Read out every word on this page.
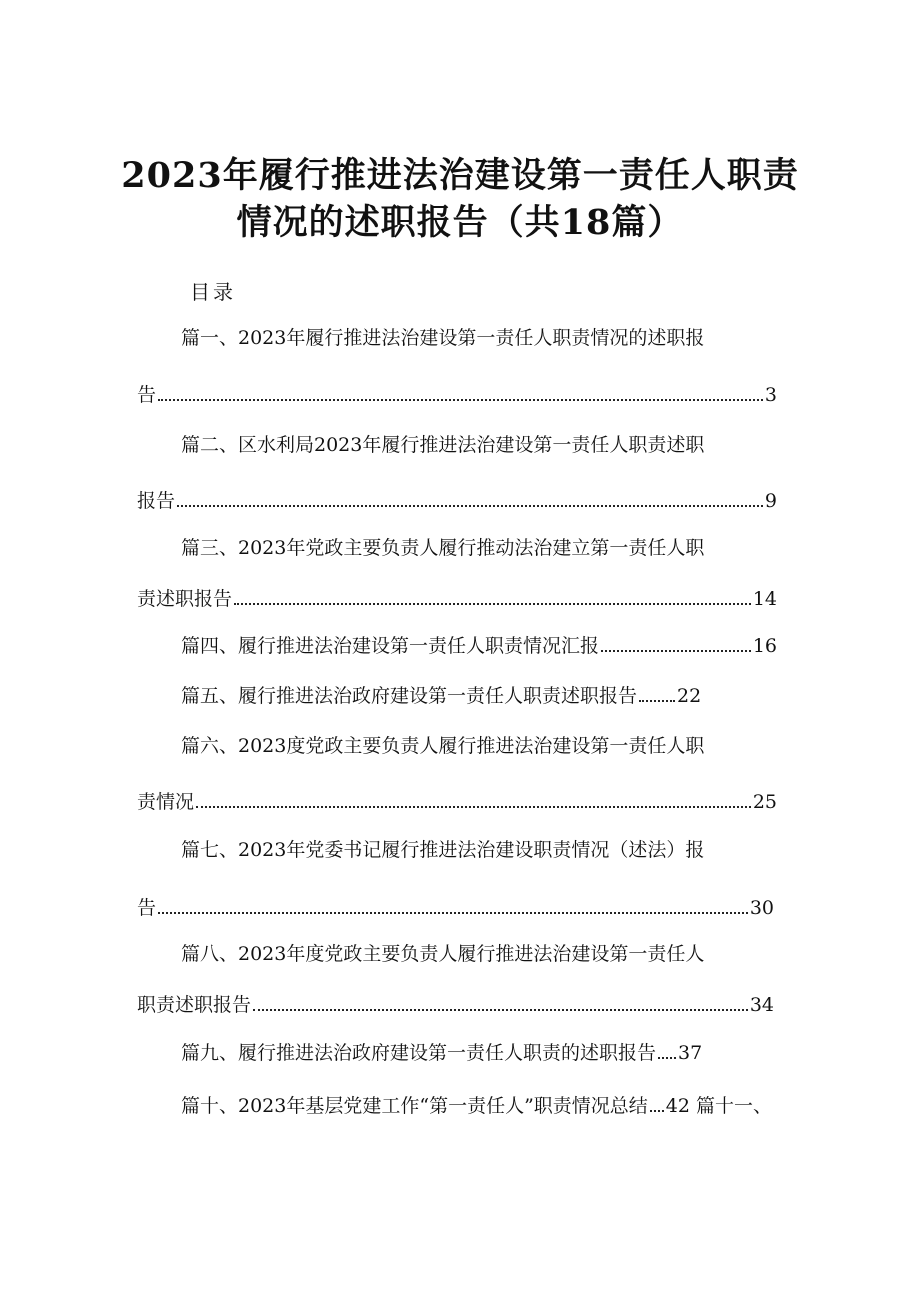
2023年履行推进法治建设第一责任人职责
情况的述职报告（共18篇）
目录
篇一、2023年履行推进法治建设第一责任人职责情况的述职报
告	3
篇二、区水利局2023年履行推进法治建设第一责任人职责述职
报告	9
篇三、2023年党政主要负责人履行推动法治建立第一责任人职
责述职报告	14
篇四、履行推进法治建设第一责任人职责情况汇报	16
篇五、履行推进法治政府建设第一责任人职责述职报告 22
篇六、2023度党政主要负责人履行推进法治建设第一责任人职
责情况	25
篇七、2023年党委书记履行推进法治建设职责情况（述法）报
告	30
篇八、2023年度党政主要负责人履行推进法治建设第一责任人
职责述职报告	34
篇九、履行推进法治政府建设第一责任人职责的述职报告 37
篇十、2023年基层党建工作“第一责任人”职责情况总结 42 篇十一、
